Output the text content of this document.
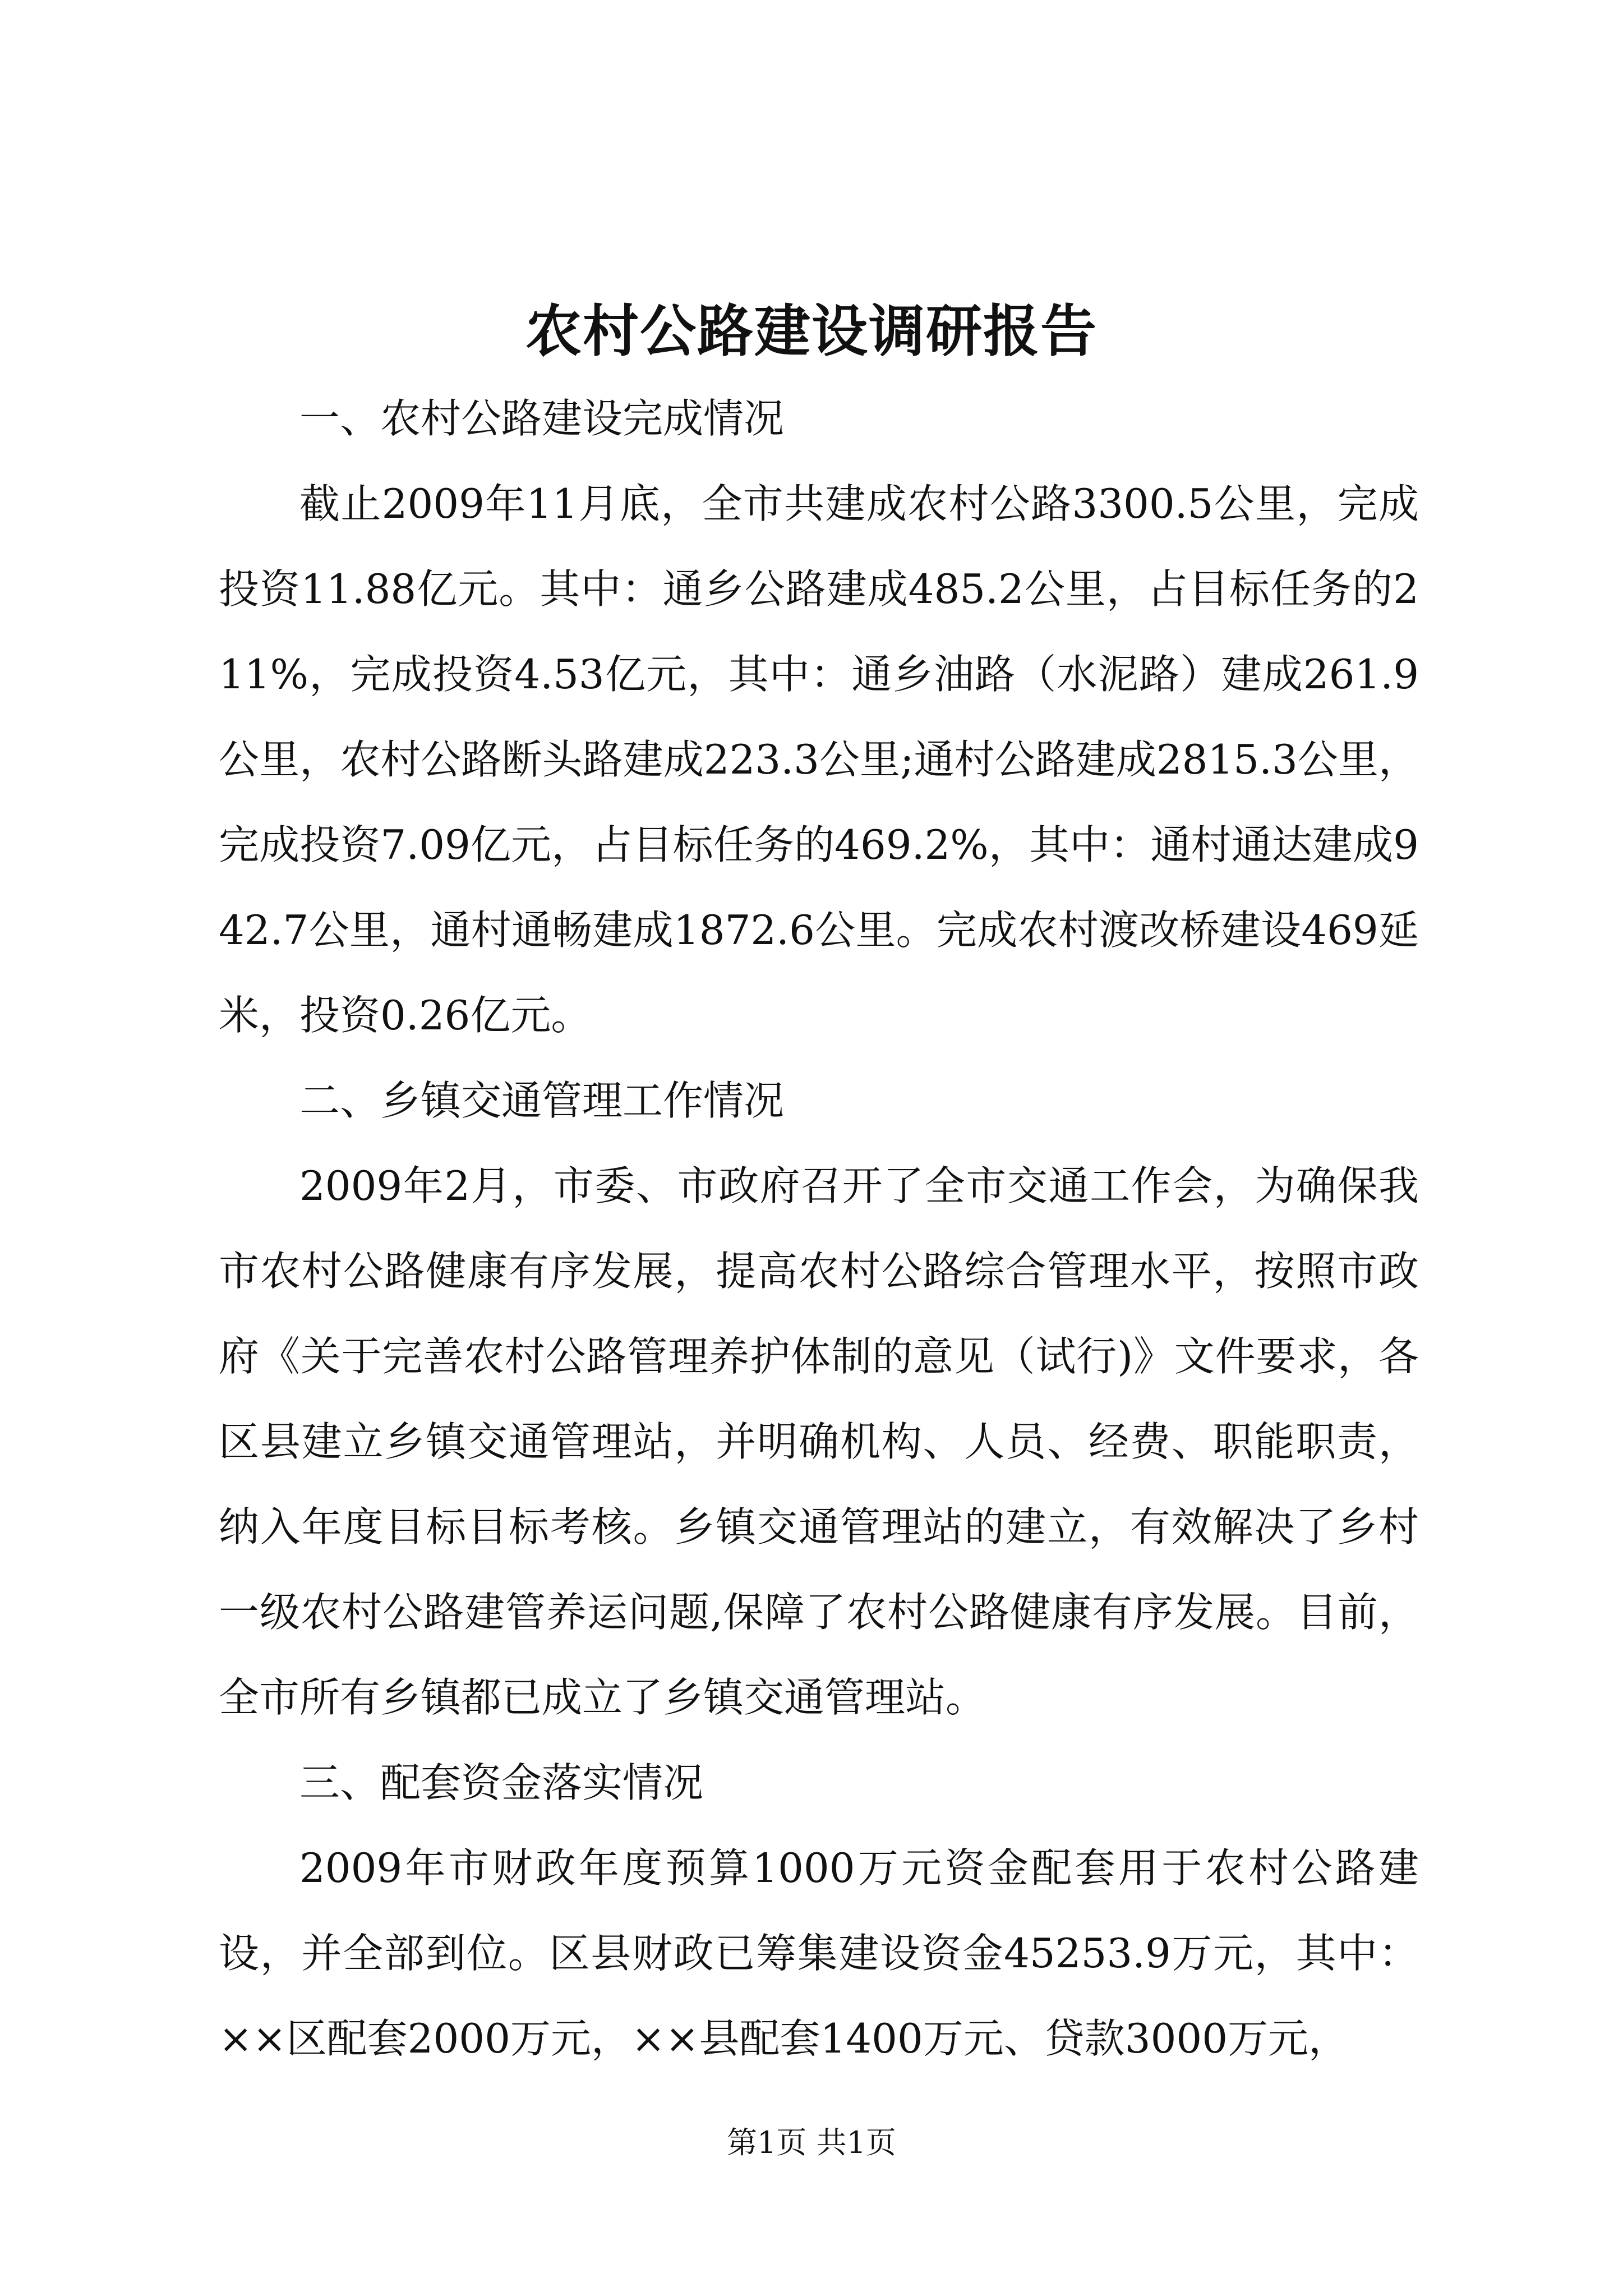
农村公路建设调研报告

一、农村公路建设完成情况

截止2009年11月底，全市共建成农村公路3300.5公里，完成投资11.88亿元。其中：通乡公路建成485.2公里，占目标任务的211%，完成投资4.53亿元，其中：通乡油路（水泥路）建成261.9公里，农村公路断头路建成223.3公里;通村公路建成2815.3公里，完成投资7.09亿元，占目标任务的469.2%，其中：通村通达建成942.7公里，通村通畅建成1872.6公里。完成农村渡改桥建设469延米，投资0.26亿元。

二、乡镇交通管理工作情况

2009年2月，市委、市政府召开了全市交通工作会，为确保我市农村公路健康有序发展，提高农村公路综合管理水平，按照市政府《关于完善农村公路管理养护体制的意见（试行)》文件要求，各区县建立乡镇交通管理站，并明确机构、人员、经费、职能职责，纳入年度目标目标考核。乡镇交通管理站的建立，有效解决了乡村一级农村公路建管养运问题,保障了农村公路健康有序发展。目前，全市所有乡镇都已成立了乡镇交通管理站。

三、配套资金落实情况

2009年市财政年度预算1000万元资金配套用于农村公路建设，并全部到位。区县财政已筹集建设资金45253.9万元，其中：××区配套2000万元，××县配套1400万元、贷款3000万元，

第1页 共1页
